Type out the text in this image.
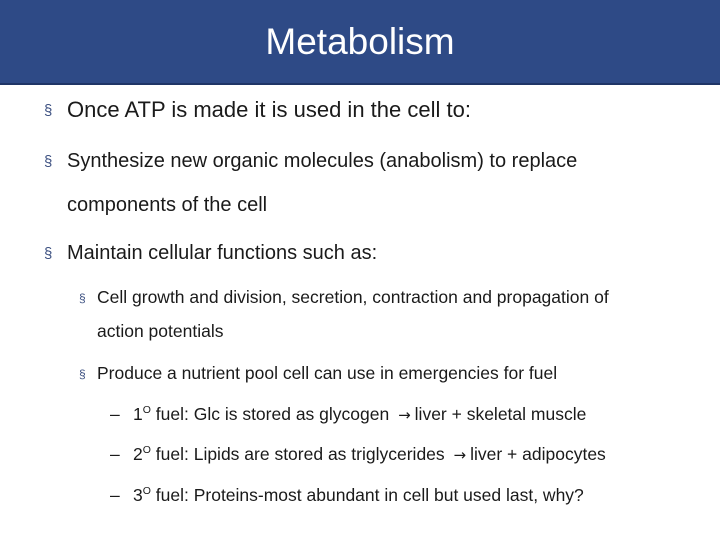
Metabolism
§ Once ATP is made it is used in the cell to:
§ Synthesize new organic molecules (anabolism) to replace
components of the cell
§ Maintain cellular functions such as:
§ Cell growth and division, secretion, contraction and propagation of
action potentials
§ Produce a nutrient pool cell can use in emergencies for fuel
– $1^O$ fuel: Glc is stored as glycogen → liver + skeletal muscle
– $2^O$ fuel: Lipids are stored as triglycerides → liver + adipocytes
– $3^O$ fuel: Proteins-most abundant in cell but used last, why?
